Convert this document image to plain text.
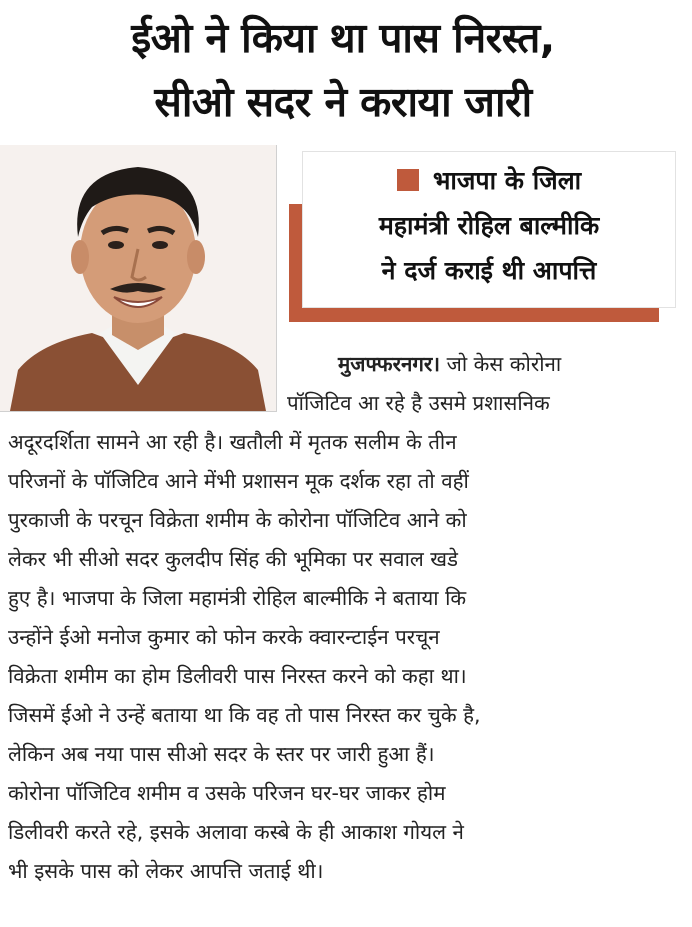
ईओ ने किया था पास निरस्त,
सीओ सदर ने कराया जारी
भाजपा के जिला
महामंत्री रोहिल बाल्मीकि
ने दर्ज कराई थी आपत्ति
मुजफ्फरनगर। जो केस कोरोना
पॉजिटिव आ रहे है उसमे प्रशासनिक
अदूरदर्शिता सामने आ रही है। खतौली में मृतक सलीम के तीन
परिजनों के पॉजिटिव आने मेंभी प्रशासन मूक दर्शक रहा तो वहीं
पुरकाजी के परचून विक्रेता शमीम के कोरोना पॉजिटिव आने को
लेकर भी सीओ सदर कुलदीप सिंह की भूमिका पर सवाल खडे
हुए है। भाजपा के जिला महामंत्री रोहिल बाल्मीकि ने बताया कि
उन्होंने ईओ मनोज कुमार को फोन करके क्वारन्टाईन परचून
विक्रेता शमीम का होम डिलीवरी पास निरस्त करने को कहा था।
जिसमें ईओ ने उन्हें बताया था कि वह तो पास निरस्त कर चुके है,
लेकिन अब नया पास सीओ सदर के स्तर पर जारी हुआ हैं।
कोरोना पॉजिटिव शमीम व उसके परिजन घर-घर जाकर होम
डिलीवरी करते रहे, इसके अलावा कस्बे के ही आकाश गोयल ने
भी इसके पास को लेकर आपत्ति जताई थी।
